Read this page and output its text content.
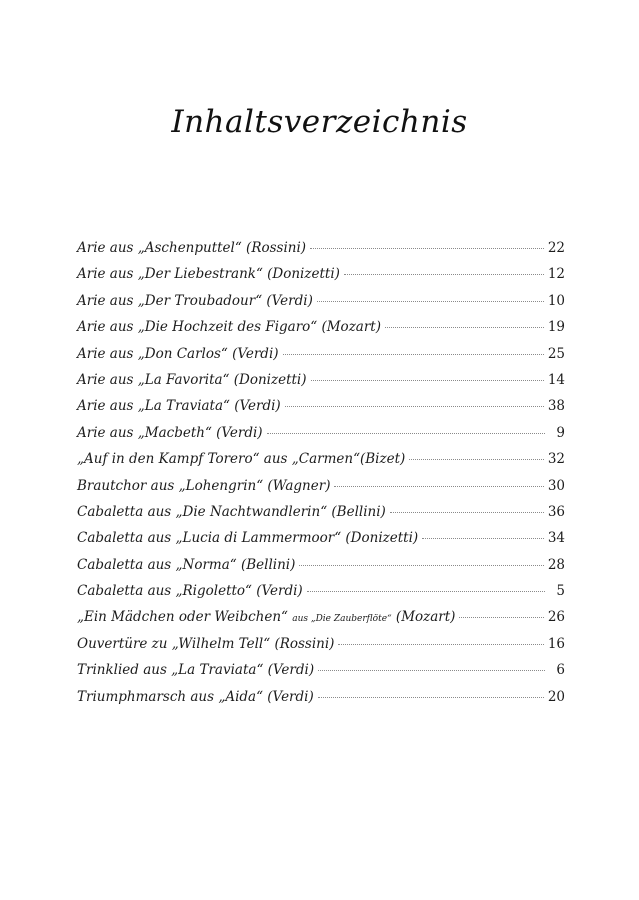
Inhaltsverzeichnis
Arie aus „Aschenputtel“ (Rossini)	22
Arie aus „Der Liebestrank“ (Donizetti)	12
Arie aus „Der Troubadour“ (Verdi)	10
Arie aus „Die Hochzeit des Figaro“ (Mozart)	19
Arie aus „Don Carlos“ (Verdi)	25
Arie aus „La Favorita“ (Donizetti)	14
Arie aus „La Traviata“ (Verdi)	38
Arie aus „Macbeth“ (Verdi)	9
„Auf in den Kampf Torero“ aus „Carmen“(Bizet)	32
Brautchor aus „Lohengrin“ (Wagner)	30
Cabaletta aus „Die Nachtwandlerin“ (Bellini)	36
Cabaletta aus „Lucia di Lammermoor“ (Donizetti)	34
Cabaletta aus „Norma“ (Bellini)	28
Cabaletta aus „Rigoletto“ (Verdi)	5
„Ein Mädchen oder Weibchen“ aus „Die Zauberflöte“ (Mozart)	26
Ouvertüre zu „Wilhelm Tell“ (Rossini)	16
Trinklied aus „La Traviata“ (Verdi)	6
Triumphmarsch aus „Aida“ (Verdi)	20
